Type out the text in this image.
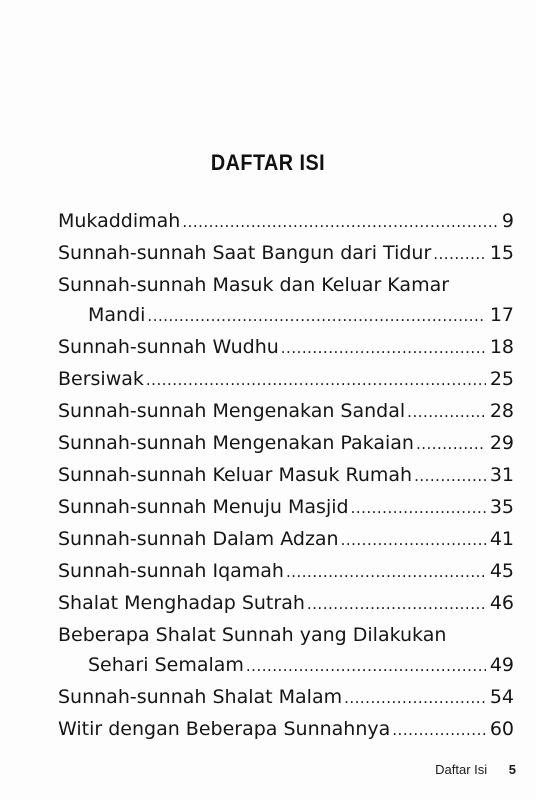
DAFTAR ISI
Mukaddimah .....	9
Sunnah-sunnah Saat Bangun dari Tidur .....	15
Sunnah-sunnah Masuk dan Keluar Kamar
Mandi .....	17
Sunnah-sunnah Wudhu .....	18
Bersiwak .....	25
Sunnah-sunnah Mengenakan Sandal .....	28
Sunnah-sunnah Mengenakan Pakaian .....	29
Sunnah-sunnah Keluar Masuk Rumah .....	31
Sunnah-sunnah Menuju Masjid .....	35
Sunnah-sunnah Dalam Adzan .....	41
Sunnah-sunnah Iqamah .....	45
Shalat Menghadap Sutrah .....	46
Beberapa Shalat Sunnah yang Dilakukan
Sehari Semalam .....	49
Sunnah-sunnah Shalat Malam .....	54
Witir dengan Beberapa Sunnahnya .....	60
Daftar Isi 5
